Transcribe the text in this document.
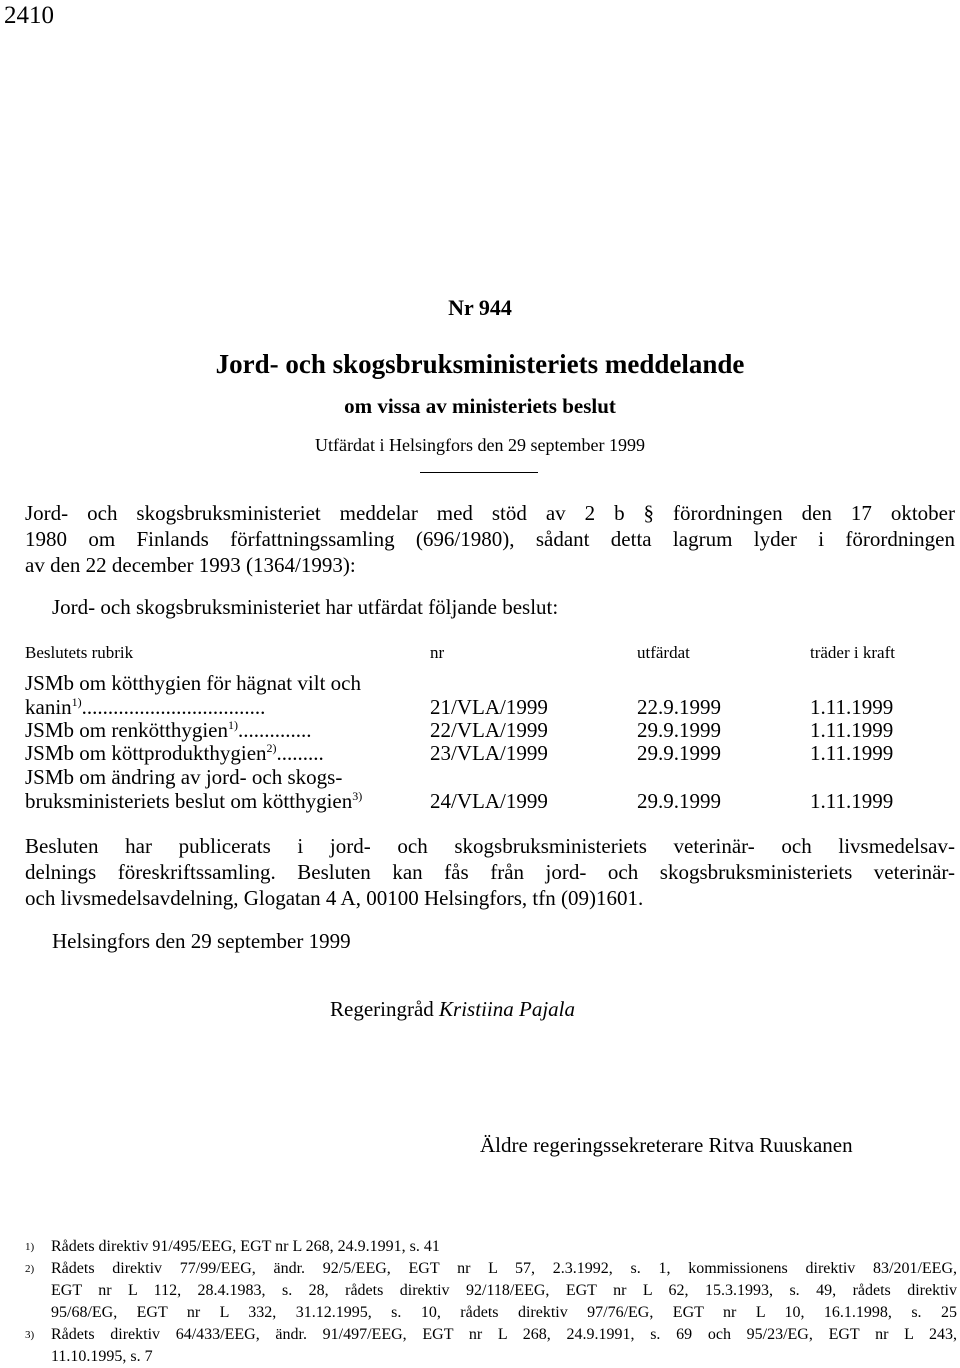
2410
Nr 944
Jord- och skogsbruksministeriets meddelande
om vissa av ministeriets beslut
Utfärdat i Helsingfors den 29 september 1999
Jord- och skogsbruksministeriet meddelar med stöd av 2 b § förordningen den 17 oktober
1980 om Finlands författningssamling (696/1980), sådant detta lagrum lyder i förordningen
av den 22 december 1993 (1364/1993):
Jord- och skogsbruksministeriet har utfärdat följande beslut:
Beslutets rubrik	nr	utfärdat	träder i kraft
JSMb om kötthygien för hägnat vilt och
kanin$^{1)}$...................................	21/VLA/1999	22.9.1999	1.11.1999
JSMb om renkötthygien$^{1)}$..............	22/VLA/1999	29.9.1999	1.11.1999
JSMb om köttprodukthygien$^{2)}$.........	23/VLA/1999	29.9.1999	1.11.1999
JSMb om ändring av jord- och skogs-
bruksministeriets beslut om kötthygien$^{3)}$	24/VLA/1999	29.9.1999	1.11.1999
Besluten har publicerats i jord- och skogsbruksministeriets veterinär- och livsmedelsav-
delnings föreskriftssamling. Besluten kan fås från jord- och skogsbruksministeriets veterinär-
och livsmedelsavdelning, Glogatan 4 A, 00100 Helsingfors, tfn (09)1601.
Helsingfors den 29 september 1999
Regeringråd Kristiina Pajala
Äldre regeringssekreterare Ritva Ruuskanen
1) Rådets direktiv 91/495/EEG, EGT nr L 268, 24.9.1991, s. 41
2) Rådets direktiv 77/99/EEG, ändr. 92/5/EEG, EGT nr L 57, 2.3.1992, s. 1, kommissionens direktiv 83/201/EEG,
EGT nr L 112, 28.4.1983, s. 28, rådets direktiv 92/118/EEG, EGT nr L 62, 15.3.1993, s. 49, rådets direktiv
95/68/EG, EGT nr L 332, 31.12.1995, s. 10, rådets direktiv 97/76/EG, EGT nr L 10, 16.1.1998, s. 25
3) Rådets direktiv 64/433/EEG, ändr. 91/497/EEG, EGT nr L 268, 24.9.1991, s. 69 och 95/23/EG, EGT nr L 243,
11.10.1995, s. 7
